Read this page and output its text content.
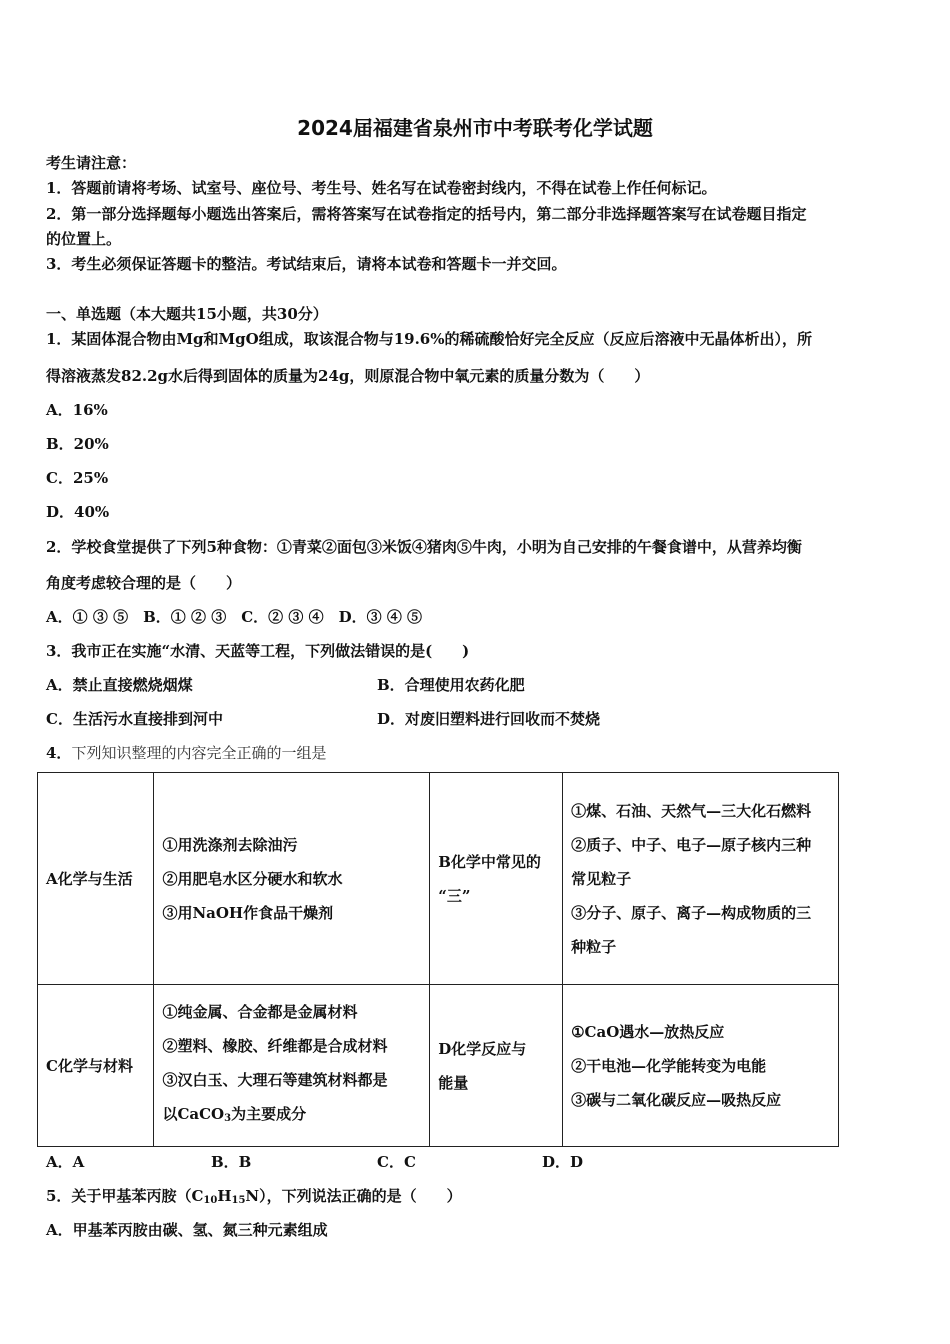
2024届福建省泉州市中考联考化学试题
考生请注意：
1．答题前请将考场、试室号、座位号、考生号、姓名写在试卷密封线内，不得在试卷上作任何标记。
2．第一部分选择题每小题选出答案后，需将答案写在试卷指定的括号内，第二部分非选择题答案写在试卷题目指定
的位置上。
3．考生必须保证答题卡的整洁。考试结束后，请将本试卷和答题卡一并交回。
一、单选题（本大题共15小题，共30分）
1．某固体混合物由Mg和MgO组成，取该混合物与19.6%的稀硫酸恰好完全反应（反应后溶液中无晶体析出），所
得溶液蒸发82.2g水后得到固体的质量为24g，则原混合物中氧元素的质量分数为（　　）
A．16%
B．20%
C．25%
D．40%
2．学校食堂提供了下列5种食物：①青菜②面包③米饭④猪肉⑤牛肉，小明为自己安排的午餐食谱中，从营养均衡
角度考虑较合理的是（　　）
A．① ③ ⑤　B．① ② ③　C．② ③ ④　D．③ ④ ⑤
3．我市正在实施“水清、天蓝等工程，下列做法错误的是(　　)
A．禁止直接燃烧烟煤	B．合理使用农药化肥
C．生活污水直接排到河中	D．对废旧塑料进行回收而不焚烧
4．下列知识整理的内容完全正确的一组是
A化学与生活	①用洗涤剂去除油污
②用肥皂水区分硬水和软水
③用NaOH作食品干燥剂	B化学中常见的
“三”	①煤、石油、天然气—三大化石燃料
②质子、中子、电子—原子核内三种
常见粒子
③分子、原子、离子—构成物质的三
种粒子

C化学与材料	①纯金属、合金都是金属材料
②塑料、橡胶、纤维都是合成材料
③汉白玉、大理石等建筑材料都是
以CaCO$_3$为主要成分	D化学反应与
能量	①CaO遇水—放热反应
②干电池—化学能转变为电能
③碳与二氧化碳反应—吸热反应
A．A	B．B	C．C	D．D
5．关于甲基苯丙胺$(C_{10}H_{15}N)$，下列说法正确的是（　　）
A．甲基苯丙胺由碳、氢、氮三种元素组成
